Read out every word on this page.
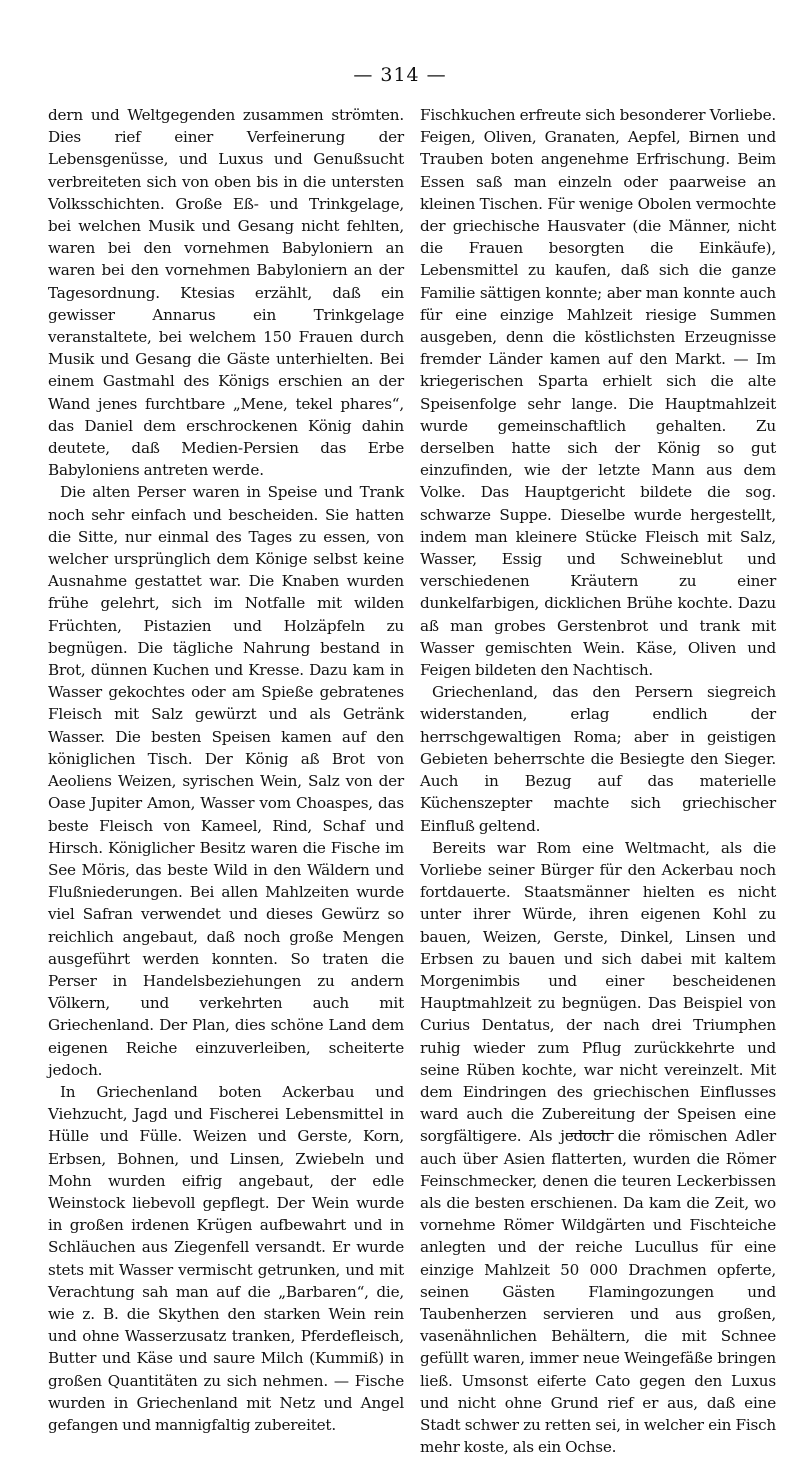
— 314 —

dern und Weltgegenden zusammen strömten. Dies rief einer Verfeinerung der Lebensgenüsse, und Luxus und Genußsucht verbreiteten sich von oben bis in die untersten Volksschichten. Große Eß- und Trinkgelage, bei welchen Musik und Gesang nicht fehlten, waren bei den vornehmen Babyloniern an waren bei den vornehmen Babyloniern an der Tagesordnung. Ktesias erzählt, daß ein gewisser Annarus ein Trinkgelage veranstaltete, bei welchem 150 Frauen durch Musik und Gesang die Gäste unterhielten. Bei einem Gastmahl des Königs erschien an der Wand jenes furchtbare „Mene, tekel phares“, das Daniel dem erschrockenen König dahin deutete, daß Medien-Persien das Erbe Babyloniens antreten werde.

Die alten Perser waren in Speise und Trank noch sehr einfach und bescheiden. Sie hatten die Sitte, nur einmal des Tages zu essen, von welcher ursprünglich dem Könige selbst keine Ausnahme gestattet war. Die Knaben wurden frühe gelehrt, sich im Notfalle mit wilden Früchten, Pistazien und Holzäpfeln zu begnügen. Die tägliche Nahrung bestand in Brot, dünnen Kuchen und Kresse. Dazu kam in Wasser gekochtes oder am Spieße gebratenes Fleisch mit Salz gewürzt und als Getränk Wasser. Die besten Speisen kamen auf den königlichen Tisch. Der König aß Brot von Aeoliens Weizen, syrischen Wein, Salz von der Oase Jupiter Amon, Wasser vom Choaspes, das beste Fleisch von Kameel, Rind, Schaf und Hirsch. Königlicher Besitz waren die Fische im See Möris, das beste Wild in den Wäldern und Flußniederungen. Bei allen Mahlzeiten wurde viel Safran verwendet und dieses Gewürz so reichlich angebaut, daß noch große Mengen ausgeführt werden konnten. So traten die Perser in Handelsbeziehungen zu andern Völkern, und verkehrten auch mit Griechenland. Der Plan, dies schöne Land dem eigenen Reiche einzuverleiben, scheiterte jedoch.

In Griechenland boten Ackerbau und Viehzucht, Jagd und Fischerei Lebensmittel in Hülle und Fülle. Weizen und Gerste, Korn, Erbsen, Bohnen, und Linsen, Zwiebeln und Mohn wurden eifrig angebaut, der edle Weinstock liebevoll gepflegt. Der Wein wurde in großen irdenen Krügen aufbewahrt und in Schläuchen aus Ziegenfell versandt. Er wurde stets mit Wasser vermischt getrunken, und mit Verachtung sah man auf die „Barbaren“, die, wie z. B. die Skythen den starken Wein rein und ohne Wasserzusatz tranken, Pferdefleisch, Butter und Käse und saure Milch (Kummiß) in großen Quantitäten zu sich nehmen. — Fische wurden in Griechenland mit Netz und Angel gefangen und mannigfaltig zubereitet.

Fischkuchen erfreute sich besonderer Vorliebe. Feigen, Oliven, Granaten, Aepfel, Birnen und Trauben boten angenehme Erfrischung. Beim Essen saß man einzeln oder paarweise an kleinen Tischen. Für wenige Obolen vermochte der griechische Hausvater (die Männer, nicht die Frauen besorgten die Einkäufe), Lebensmittel zu kaufen, daß sich die ganze Familie sättigen konnte; aber man konnte auch für eine einzige Mahlzeit riesige Summen ausgeben, denn die köstlichsten Erzeugnisse fremder Länder kamen auf den Markt. — Im kriegerischen Sparta erhielt sich die alte Speisenfolge sehr lange. Die Hauptmahlzeit wurde gemeinschaftlich gehalten. Zu derselben hatte sich der König so gut einzufinden, wie der letzte Mann aus dem Volke. Das Hauptgericht bildete die sog. schwarze Suppe. Dieselbe wurde hergestellt, indem man kleinere Stücke Fleisch mit Salz, Wasser, Essig und Schweineblut und verschiedenen Kräutern zu einer dunkelfarbigen, dicklichen Brühe kochte. Dazu aß man grobes Gerstenbrot und trank mit Wasser gemischten Wein. Käse, Oliven und Feigen bildeten den Nachtisch.

Griechenland, das den Persern siegreich widerstanden, erlag endlich der herrschgewaltigen Roma; aber in geistigen Gebieten beherrschte die Besiegte den Sieger. Auch in Bezug auf das materielle Küchenszepter machte sich griechischer Einfluß geltend.

Bereits war Rom eine Weltmacht, als die Vorliebe seiner Bürger für den Ackerbau noch fortdauerte. Staatsmänner hielten es nicht unter ihrer Würde, ihren eigenen Kohl zu bauen, Weizen, Gerste, Dinkel, Linsen und Erbsen zu bauen und sich dabei mit kaltem Morgenimbis und einer bescheidenen Hauptmahlzeit zu begnügen. Das Beispiel von Curius Dentatus, der nach drei Triumphen ruhig wieder zum Pflug zurückkehrte und seine Rüben kochte, war nicht vereinzelt. Mit dem Eindringen des griechischen Einflusses ward auch die Zubereitung der Speisen eine sorgfältigere. Als jedoch die römischen Adler auch über Asien flatterten, wurden die Römer Feinschmecker, denen die teuren Leckerbissen als die besten erschienen. Da kam die Zeit, wo vornehme Römer Wildgärten und Fischteiche anlegten und der reiche Lucullus für eine einzige Mahlzeit 50 000 Drachmen opferte, seinen Gästen Flamingozungen und Taubenherzen servieren und aus großen, vasenähnlichen Behältern, die mit Schnee gefüllt waren, immer neue Weingefäße bringen ließ. Umsonst eiferte Cato gegen den Luxus und nicht ohne Grund rief er aus, daß eine Stadt schwer zu retten sei, in welcher ein Fisch mehr koste, als ein Ochse.
